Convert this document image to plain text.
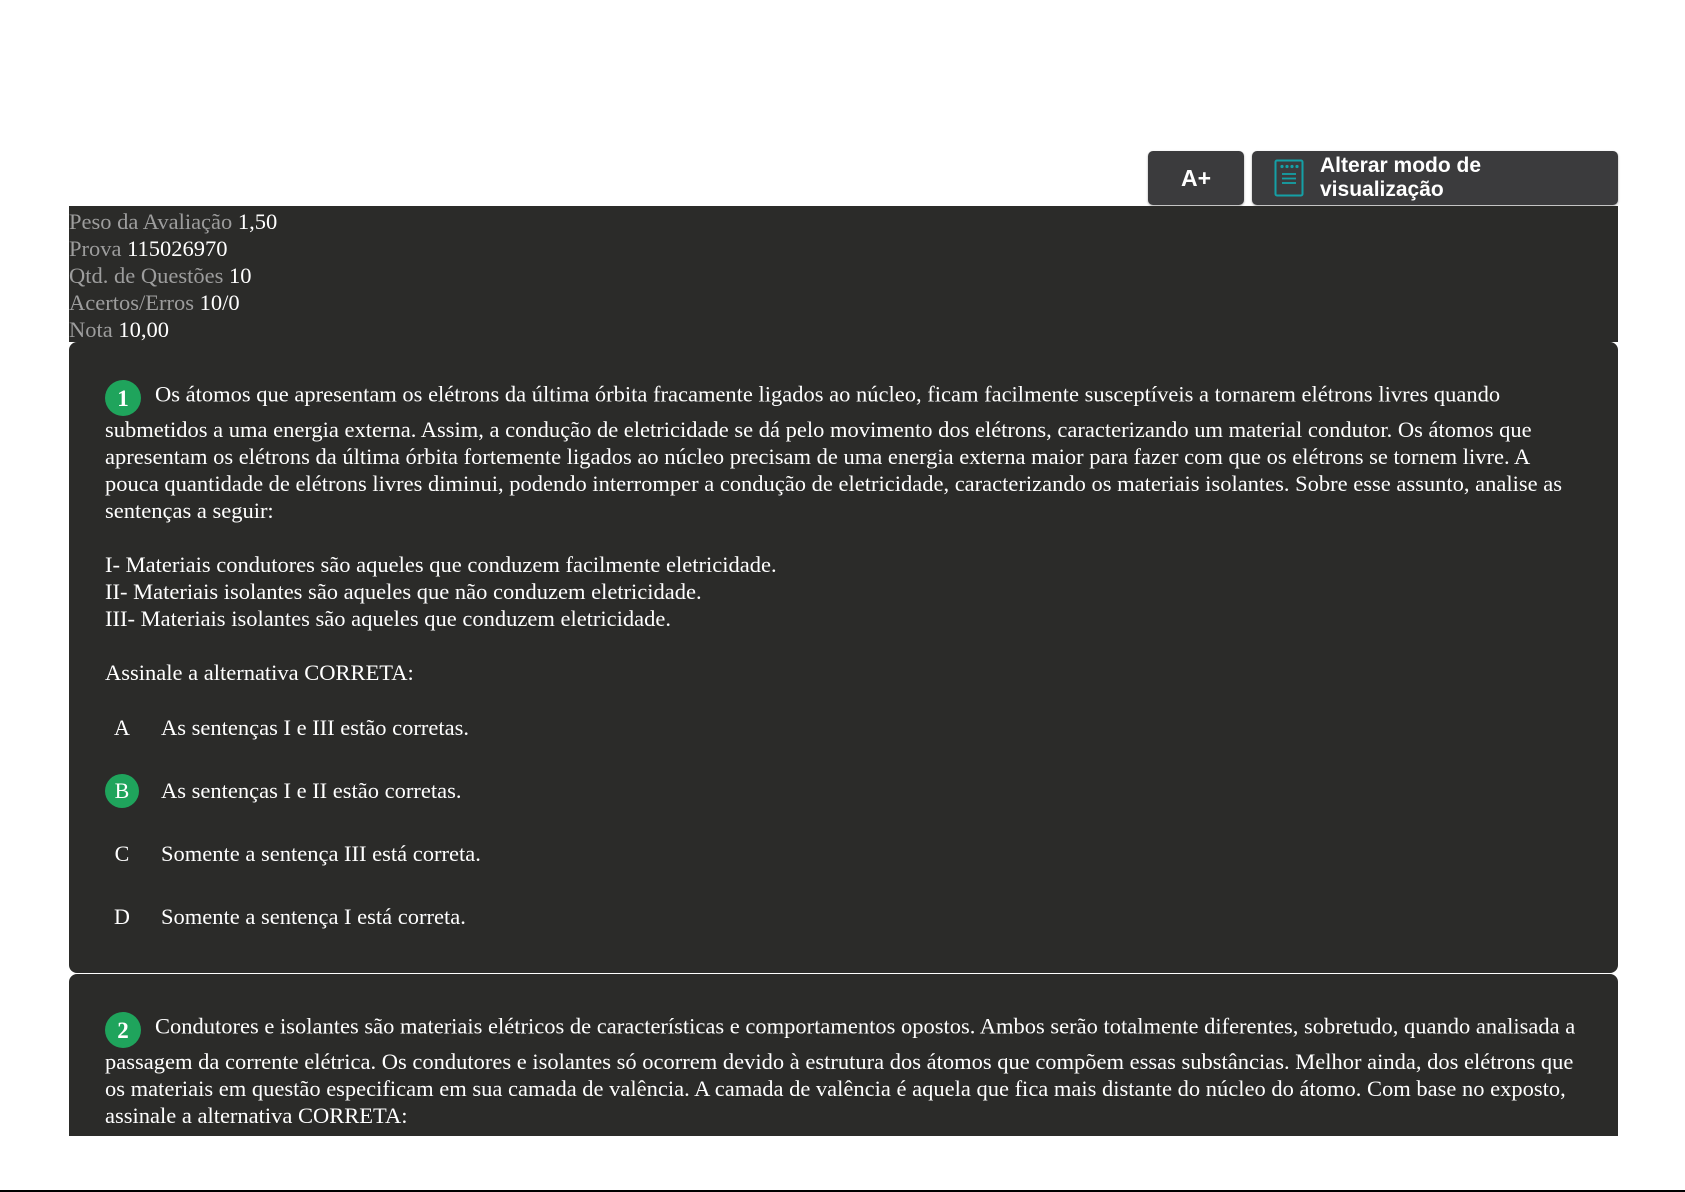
A+	Alterar modo de visualização
Peso da Avaliação 1,50
Prova 115026970
Qtd. de Questões 10
Acertos/Erros 10/0
Nota 10,00

1 Os átomos que apresentam os elétrons da última órbita fracamente ligados ao núcleo, ficam facilmente susceptíveis a tornarem elétrons livres quando submetidos a uma energia externa. Assim, a condução de eletricidade se dá pelo movimento dos elétrons, caracterizando um material condutor. Os átomos que apresentam os elétrons da última órbita fortemente ligados ao núcleo precisam de uma energia externa maior para fazer com que os elétrons se tornem livre. A pouca quantidade de elétrons livres diminui, podendo interromper a condução de eletricidade, caracterizando os materiais isolantes. Sobre esse assunto, analise as sentenças a seguir:

I- Materiais condutores são aqueles que conduzem facilmente eletricidade.
II- Materiais isolantes são aqueles que não conduzem eletricidade.
III- Materiais isolantes são aqueles que conduzem eletricidade.
Assinale a alternativa CORRETA:
A	As sentenças I e III estão corretas.
B	As sentenças I e II estão corretas.
C	Somente a sentença III está correta.
D	Somente a sentença I está correta.

2 Condutores e isolantes são materiais elétricos de características e comportamentos opostos. Ambos serão totalmente diferentes, sobretudo, quando analisada a passagem da corrente elétrica. Os condutores e isolantes só ocorrem devido à estrutura dos átomos que compõem essas substâncias. Melhor ainda, dos elétrons que os materiais em questão especificam em sua camada de valência. A camada de valência é aquela que fica mais distante do núcleo do átomo. Com base no exposto, assinale a alternativa CORRETA:
